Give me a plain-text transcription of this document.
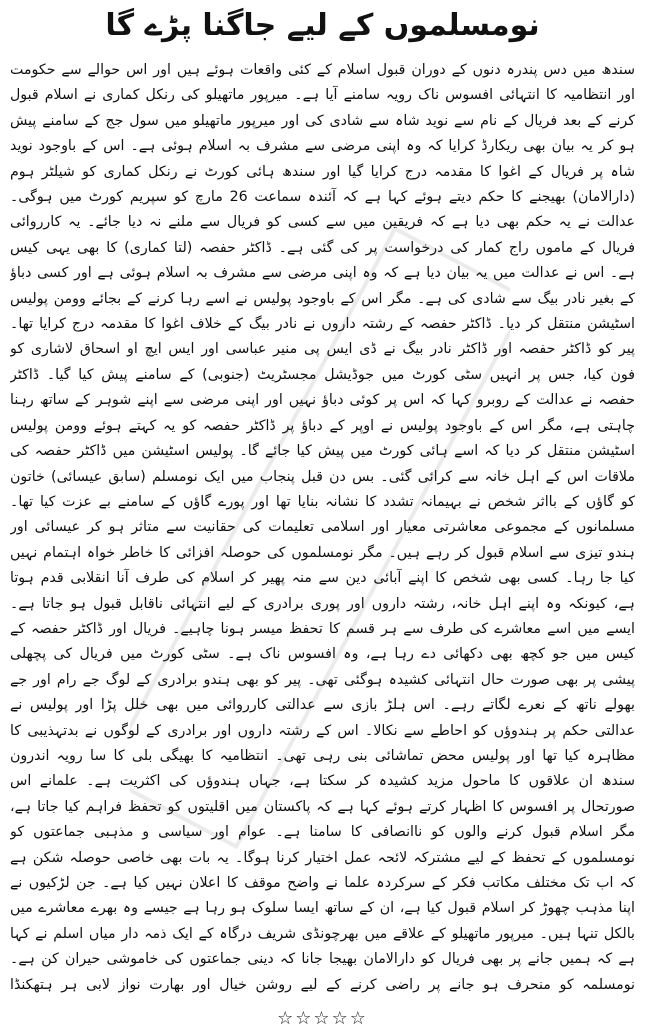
نومسلموں کے لیے جاگنا پڑے گا

سندھ میں دس پندرہ دنوں کے دوران قبول اسلام کے کئی واقعات ہوئے ہیں اور اس حوالے سے حکومت اور انتظامیہ کا انتہائی افسوس ناک رویہ سامنے آیا ہے۔ میرپور ماتھیلو کی رنکل کماری نے اسلام قبول کرنے کے بعد فریال کے نام سے نوید شاہ سے شادی کی اور میرپور ماتھیلو میں سول جج کے سامنے پیش ہو کر یہ بیان بھی ریکارڈ کرایا کہ وہ اپنی مرضی سے مشرف بہ اسلام ہوئی ہے۔ اس کے باوجود نوید شاہ پر فریال کے اغوا کا مقدمہ درج کرایا گیا اور سندھ ہائی کورٹ نے رنکل کماری کو شیلٹر ہوم (دارالامان) بھیجنے کا حکم دیتے ہوئے کہا ہے کہ آئندہ سماعت 26 مارچ کو سپریم کورٹ میں ہوگی۔ عدالت نے یہ حکم بھی دیا ہے کہ فریقین میں سے کسی کو فریال سے ملنے نہ دیا جائے۔ یہ کارروائی فریال کے ماموں راج کمار کی درخواست پر کی گئی ہے۔ ڈاکٹر حفصہ (لتا کماری) کا بھی یہی کیس ہے۔ اس نے عدالت میں یہ بیان دیا ہے کہ وہ اپنی مرضی سے مشرف بہ اسلام ہوئی ہے اور کسی دباؤ کے بغیر نادر بیگ سے شادی کی ہے۔ مگر اس کے باوجود پولیس نے اسے رہا کرنے کے بجائے وومن پولیس اسٹیشن منتقل کر دیا۔ ڈاکٹر حفصہ کے رشتہ داروں نے نادر بیگ کے خلاف اغوا کا مقدمہ درج کرایا تھا۔ پیر کو ڈاکٹر حفصہ اور ڈاکٹر نادر بیگ نے ڈی ایس پی منیر عباسی اور ایس ایچ او اسحاق لاشاری کو فون کیا، جس پر انہیں سٹی کورٹ میں جوڈیشل مجسٹریٹ (جنوبی) کے سامنے پیش کیا گیا۔ ڈاکٹر حفصہ نے عدالت کے روبرو کہا کہ اس پر کوئی دباؤ نہیں اور اپنی مرضی سے اپنے شوہر کے ساتھ رہنا چاہتی ہے، مگر اس کے باوجود پولیس نے اوپر کے دباؤ پر ڈاکٹر حفصہ کو یہ کہتے ہوئے وومن پولیس اسٹیشن منتقل کر دیا کہ اسے ہائی کورٹ میں پیش کیا جائے گا۔ پولیس اسٹیشن میں ڈاکٹر حفصہ کی ملاقات اس کے اہل خانہ سے کرائی گئی۔ بس دن قبل پنجاب میں ایک نومسلم (سابق عیسائی) خاتون کو گاؤں کے بااثر شخص نے بہیمانہ تشدد کا نشانہ بنایا تھا اور پورے گاؤں کے سامنے بے عزت کیا تھا۔ مسلمانوں کے مجموعی معاشرتی معیار اور اسلامی تعلیمات کی حقانیت سے متاثر ہو کر عیسائی اور ہندو تیزی سے اسلام قبول کر رہے ہیں۔ مگر نومسلموں کی حوصلہ افزائی کا خاطر خواہ اہتمام نہیں کیا جا رہا۔ کسی بھی شخص کا اپنے آبائی دین سے منہ پھیر کر اسلام کی طرف آنا انقلابی قدم ہوتا ہے، کیونکہ وہ اپنے اہل خانہ، رشتہ داروں اور پوری برادری کے لیے انتہائی ناقابل قبول ہو جاتا ہے۔ ایسے میں اسے معاشرے کی طرف سے ہر قسم کا تحفظ میسر ہونا چاہیے۔ فریال اور ڈاکٹر حفصہ کے کیس میں جو کچھ بھی دکھائی دے رہا ہے، وہ افسوس ناک ہے۔ سٹی کورٹ میں فریال کی پچھلی پیشی پر بھی صورت حال انتہائی کشیدہ ہوگئی تھی۔ پیر کو بھی ہندو برادری کے لوگ جے رام اور جے بھولے ناتھ کے نعرے لگاتے رہے۔ اس ہلڑ بازی سے عدالتی کارروائی میں بھی خلل پڑا اور پولیس نے عدالتی حکم پر ہندوؤں کو احاطے سے نکالا۔ اس کے رشتہ داروں اور برادری کے لوگوں نے بدتہذیبی کا مظاہرہ کیا تھا اور پولیس محض تماشائی بنی رہی تھی۔ انتظامیہ کا بھیگی بلی کا سا رویہ اندرون سندھ ان علاقوں کا ماحول مزید کشیدہ کر سکتا ہے، جہاں ہندوؤں کی اکثریت ہے۔ علمانے اس صورتحال پر افسوس کا اظہار کرتے ہوئے کہا ہے کہ پاکستان میں اقلیتوں کو تحفظ فراہم کیا جاتا ہے، مگر اسلام قبول کرنے والوں کو ناانصافی کا سامنا ہے۔ عوام اور سیاسی و مذہبی جماعتوں کو نومسلموں کے تحفظ کے لیے مشترکہ لائحہ عمل اختیار کرنا ہوگا۔ یہ بات بھی خاصی حوصلہ شکن ہے کہ اب تک مختلف مکاتب فکر کے سرکردہ علما نے واضح موقف کا اعلان نہیں کیا ہے۔ جن لڑکیوں نے اپنا مذہب چھوڑ کر اسلام قبول کیا ہے، ان کے ساتھ ایسا سلوک ہو رہا ہے جیسے وہ بھرے معاشرے میں بالکل تنہا ہیں۔ میرپور ماتھیلو کے علاقے میں بھرچونڈی شریف درگاہ کے ایک ذمہ دار میاں اسلم نے کہا ہے کہ ہمیں جانے پر بھی فریال کو دارالامان بھیجا جانا کہ دینی جماعتوں کی خاموشی حیران کن ہے۔ نومسلمہ کو منحرف ہو جانے پر راضی کرنے کے لیے روشن خیال اور بھارت نواز لابی ہر ہتھکنڈا

☆☆☆☆☆
